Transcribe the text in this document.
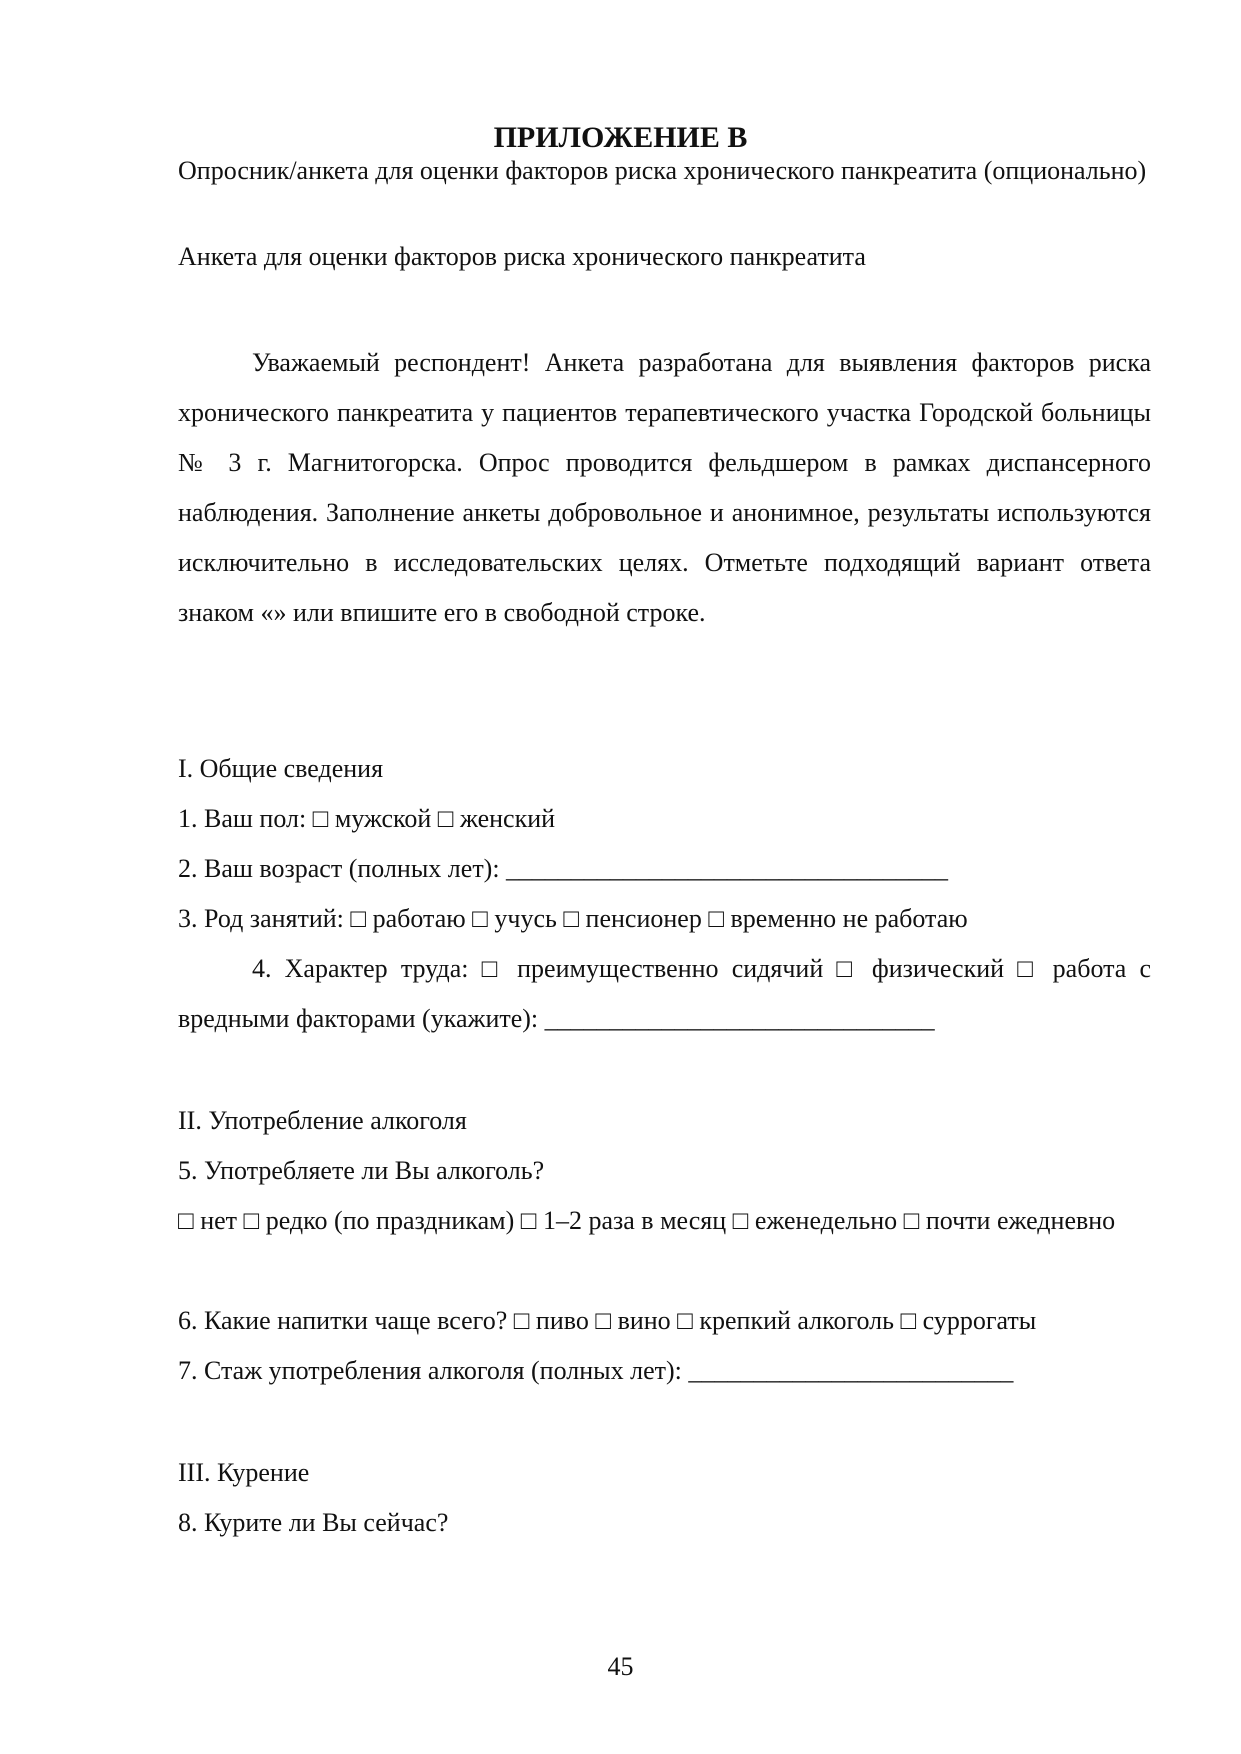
ПРИЛОЖЕНИЕ В
Опросник/анкета для оценки факторов риска хронического панкреатита (опционально)
Анкета для оценки факторов риска хронического панкреатита
Уважаемый респондент! Анкета разработана для выявления факторов риска хронического панкреатита у пациентов терапевтического участка Городской больницы № 3 г. Магнитогорска. Опрос проводится фельдшером в рамках диспансерного наблюдения. Заполнение анкеты добровольное и анонимное, результаты используются исключительно в исследовательских целях. Отметьте подходящий вариант ответа знаком «» или впишите его в свободной строке.
I. Общие сведения
1. Ваш пол: □ мужской □ женский
2. Ваш возраст (полных лет): __________________________________
3. Род занятий: □ работаю □ учусь □ пенсионер □ временно не работаю
4. Характер труда: □ преимущественно сидячий □ физический □ работа с вредными факторами (укажите): ______________________________
II. Употребление алкоголя
5. Употребляете ли Вы алкоголь?
□ нет □ редко (по праздникам) □ 1–2 раза в месяц □ еженедельно □ почти ежедневно
6. Какие напитки чаще всего? □ пиво □ вино □ крепкий алкоголь □ суррогаты
7. Стаж употребления алкоголя (полных лет): _________________________
III. Курение
8. Курите ли Вы сейчас?
45
